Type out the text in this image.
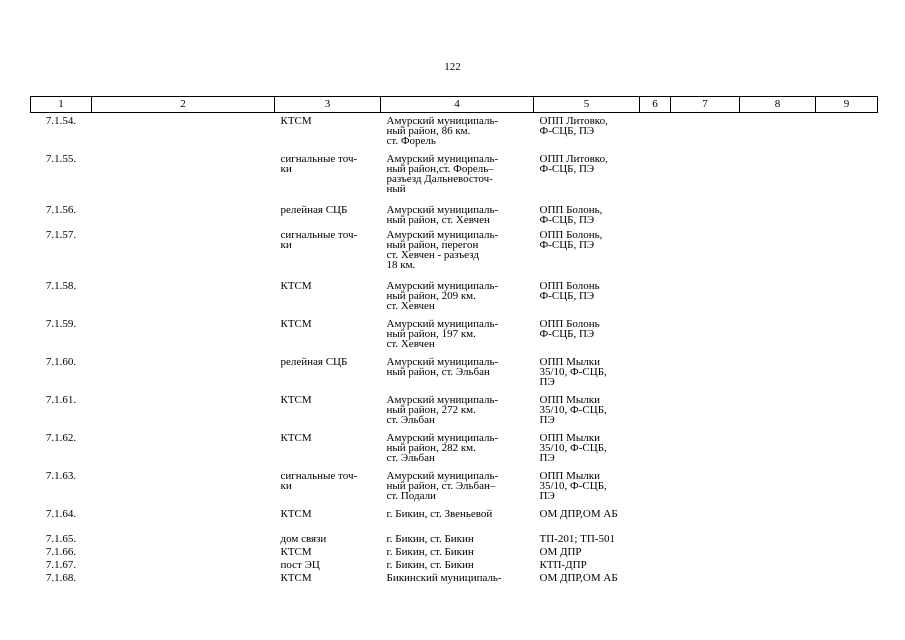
122
1	2	3	4	5	6	7	8	9

7.1.54.		КТСМ	Амурский муниципаль-
ный район, 86 км.
ст. Форель	ОПП Литовко,
Ф-СЦБ, ПЭ				

7.1.55.		сигнальные точ-
ки	Амурский муниципаль-
ный район,ст. Форель–
разъезд Дальневосточ-
ный	ОПП Литовко,
Ф-СЦБ, ПЭ				

7.1.56.		релейная СЦБ	Амурский муниципаль-
ный район, ст. Хевчен	ОПП Болонь,
Ф-СЦБ, ПЭ				

7.1.57.		сигнальные точ-
ки	Амурский муниципаль-
ный район, перегон
ст. Хевчен - разъезд
18 км.	ОПП Болонь,
Ф-СЦБ, ПЭ				

7.1.58.		КТСМ	Амурский муниципаль-
ный район, 209 км.
ст. Хевчен	ОПП Болонь
Ф-СЦБ, ПЭ				

7.1.59.		КТСМ	Амурский муниципаль-
ный район, 197 км.
ст. Хевчен	ОПП Болонь
Ф-СЦБ, ПЭ				

7.1.60.		релейная СЦБ	Амурский муниципаль-
ный район, ст. Эльбан	ОПП Мылки
35/10, Ф-СЦБ,
ПЭ				

7.1.61.		КТСМ	Амурский муниципаль-
ный район, 272 км.
ст. Эльбан	ОПП Мылки
35/10, Ф-СЦБ,
ПЭ				

7.1.62.		КТСМ	Амурский муниципаль-
ный район, 282 км.
ст. Эльбан	ОПП Мылки
35/10, Ф-СЦБ,
ПЭ				

7.1.63.		сигнальные точ-
ки	Амурский муниципаль-
ный район, ст. Эльбан–
ст. Подали	ОПП Мылки
35/10, Ф-СЦБ,
ПЭ				

7.1.64.		КТСМ	г. Бикин, ст. Звеньевой	ОМ ДПР,ОМ АБ				

7.1.65.		дом связи	г. Бикин, ст. Бикин	ТП-201; ТП-501				

7.1.66.		КТСМ	г. Бикин, ст. Бикин	ОМ ДПР				

7.1.67.		пост ЭЦ	г. Бикин, ст. Бикин	КТП-ДПР				

7.1.68.		КТСМ	Бикинский муниципаль-	ОМ ДПР,ОМ АБ				
